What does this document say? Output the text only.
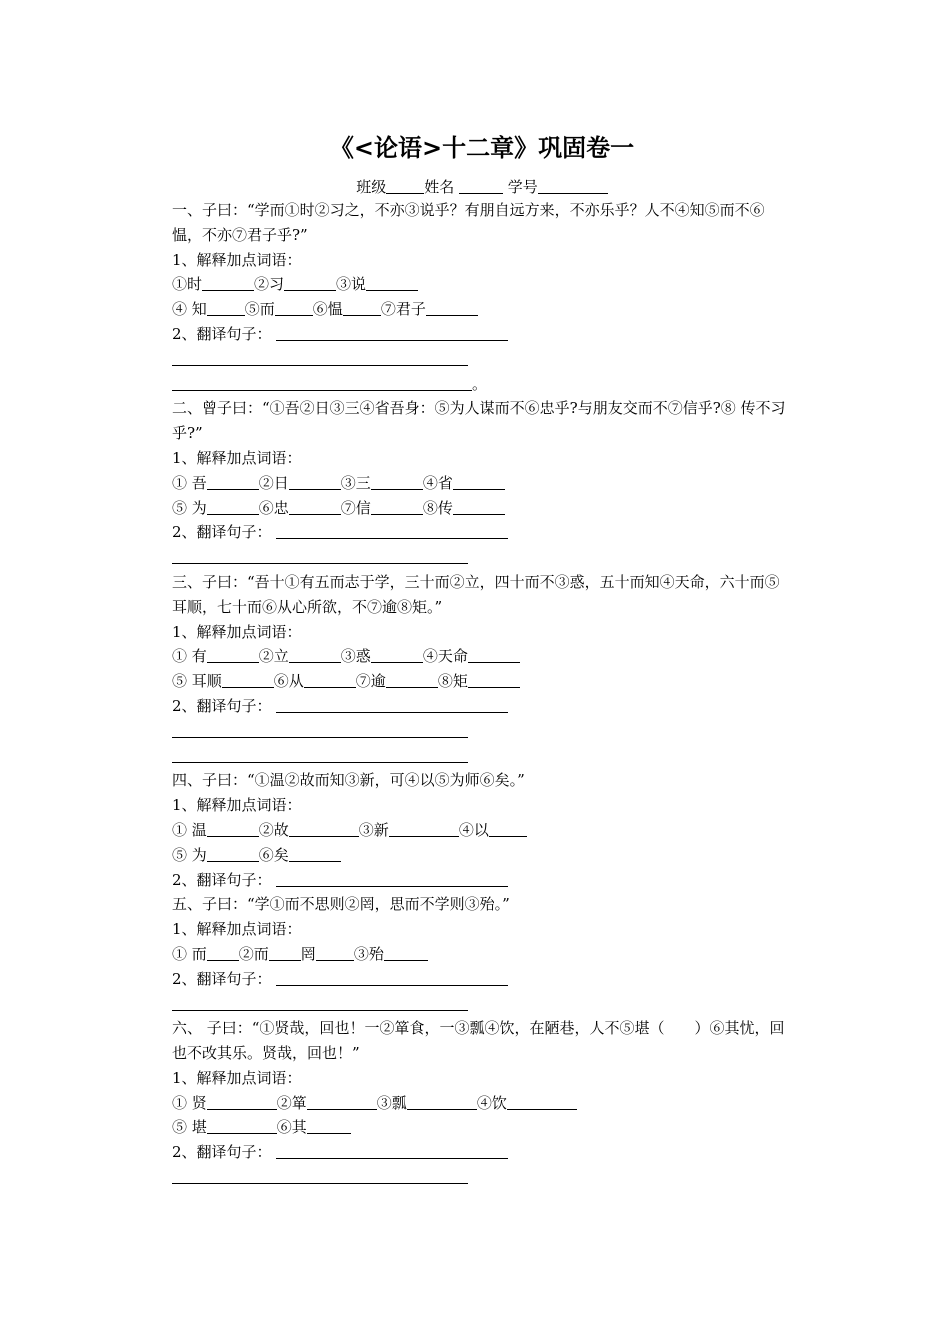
《<论语>十二章》巩固卷一
班级	姓名	学号
一、子曰：“学而①时②习之，不亦③说乎？有朋自远方来，不亦乐乎？人不④知⑤而不⑥愠，不亦⑦君子乎?”
1、解释加点词语：
①时	②习	③说
④ 知	⑤而	⑥愠	⑦君子
2、翻译句子：
。
二、曾子曰：“①吾②日③三④省吾身：⑤为人谋而不⑥忠乎?与朋友交而不⑦信乎?⑧ 传不习乎?”
1、解释加点词语：
① 吾	②日	③三	④省
⑤ 为	⑥忠	⑦信	⑧传
2、翻译句子：
三、子曰：“吾十①有五而志于学，三十而②立，四十而不③惑，五十而知④天命，六十而⑤耳顺，七十而⑥从心所欲，不⑦逾⑧矩。”
1、解释加点词语：
① 有	②立	③惑	④天命
⑤ 耳顺	⑥从	⑦逾	⑧矩
2、翻译句子：
四、子曰：“①温②故而知③新，可④以⑤为师⑥矣。”
1、解释加点词语：
① 温	②故	③新	④以
⑤ 为	⑥矣
2、翻译句子：
五、子曰：“学①而不思则②罔，思而不学则③殆。”
1、解释加点词语：
① 而 ②而 罔	③殆
2、翻译句子：
六、 子曰：“①贤哉，回也！一②箪食，一③瓢④饮，在陋巷，人不⑤堪（　　）⑥其忧，回也不改其乐。贤哉，回也！”
1、解释加点词语：
① 贤	②箪	③瓢	④饮
⑤ 堪	⑥其
2、翻译句子：
